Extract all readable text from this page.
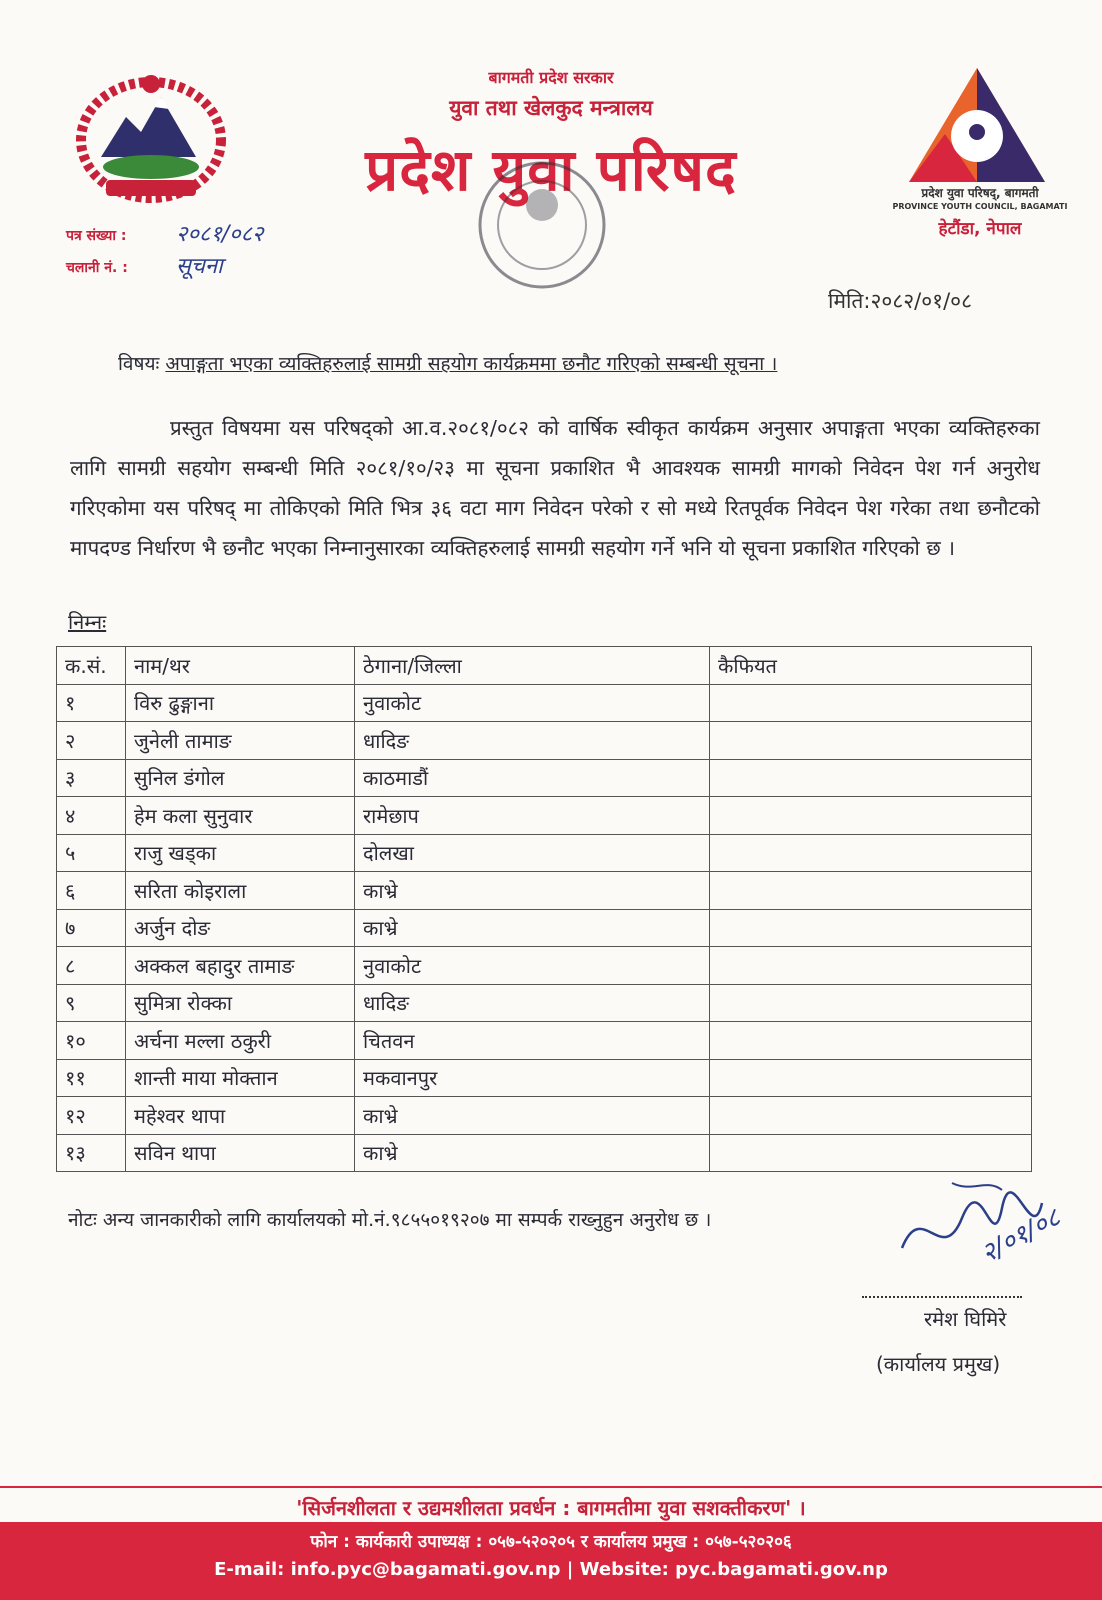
बागमती प्रदेश सरकार
युवा तथा खेलकुद मन्त्रालय
प्रदेश युवा परिषद	प्रदेश युवा परिषद्, बागमती
PROVINCE YOUTH COUNCIL, BAGAMATI
हेटौंडा, नेपाल
पत्र संख्या : २०८१/०८२
चलानी नं. : सूचना
मिति:२०८२/०१/०८
विषयः अपाङ्गता भएका व्यक्तिहरुलाई सामग्री सहयोग कार्यक्रममा छनौट गरिएको सम्बन्धी सूचना ।
प्रस्तुत विषयमा यस परिषद्को आ.व.२०८१/०८२ को वार्षिक स्वीकृत कार्यक्रम अनुसार अपाङ्गता भएका व्यक्तिहरुका लागि सामग्री सहयोग सम्बन्धी मिति २०८१/१०/२३ मा सूचना प्रकाशित भै आवश्यक सामग्री मागको निवेदन पेश गर्न अनुरोध गरिएकोमा यस परिषद् मा तोकिएको मिति भित्र ३६ वटा माग निवेदन परेको र सो मध्ये रितपूर्वक निवेदन पेश गरेका तथा छनौटको मापदण्ड निर्धारण भै छनौट भएका निम्नानुसारका व्यक्तिहरुलाई सामग्री सहयोग गर्ने भनि यो सूचना प्रकाशित गरिएको छ ।
निम्नः
क.सं.	नाम/थर	ठेगाना/जिल्ला	कैफियत
१	विरु ढुङ्गाना	नुवाकोट	
२	जुनेली तामाङ	धादिङ	
३	सुनिल डंगोल	काठमाडौं	
४	हेम कला सुनुवार	रामेछाप	
५	राजु खड्का	दोलखा	
६	सरिता कोइराला	काभ्रे	
७	अर्जुन दोङ	काभ्रे	
८	अक्कल बहादुर तामाङ	नुवाकोट	
९	सुमित्रा रोक्का	धादिङ	
१०	अर्चना मल्ला ठकुरी	चितवन	
११	शान्ती माया मोक्तान	मकवानपुर	
१२	महेश्वर थापा	काभ्रे	
१३	सविन थापा	काभ्रे	
नोटः अन्य जानकारीको लागि कार्यालयको मो.नं.९८५५०१९२०७ मा सम्पर्क राख्नुहुन अनुरोध छ ।	२/०१/०८
रमेश घिमिरे
(कार्यालय प्रमुख)
'सिर्जनशीलता र उद्यमशीलता प्रवर्धन : बागमतीमा युवा सशक्तीकरण' ।
फोन : कार्यकारी उपाध्यक्ष : ०५७-५२०२०५ र कार्यालय प्रमुख : ०५७-५२०२०६
E-mail: info.pyc@bagamati.gov.np | Website: pyc.bagamati.gov.np
